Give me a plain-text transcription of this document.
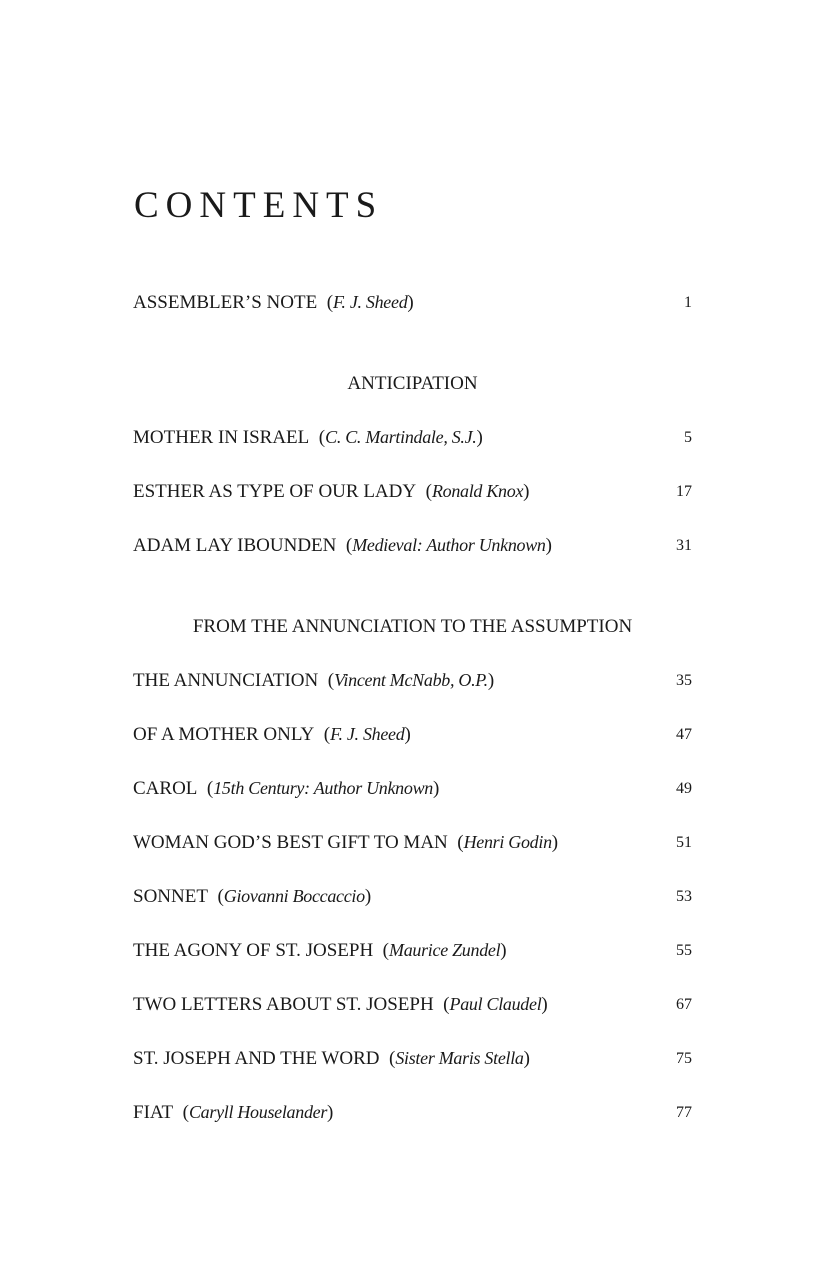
CONTENTS
ASSEMBLER’S NOTE  (F. J. Sheed)	1
ANTICIPATION
MOTHER IN ISRAEL  (C. C. Martindale, S.J.)	5
ESTHER AS TYPE OF OUR LADY  (Ronald Knox)	17
ADAM LAY IBOUNDEN  (Medieval: Author Unknown)	31
FROM THE ANNUNCIATION TO THE ASSUMPTION
THE ANNUNCIATION  (Vincent McNabb, O.P.)	35
OF A MOTHER ONLY  (F. J. Sheed)	47
CAROL  (15th Century: Author Unknown)	49
WOMAN GOD’S BEST GIFT TO MAN  (Henri Godin)	51
SONNET  (Giovanni Boccaccio)	53
THE AGONY OF ST. JOSEPH  (Maurice Zundel)	55
TWO LETTERS ABOUT ST. JOSEPH  (Paul Claudel)	67
ST. JOSEPH AND THE WORD  (Sister Maris Stella)	75
FIAT  (Caryll Houselander)	77
